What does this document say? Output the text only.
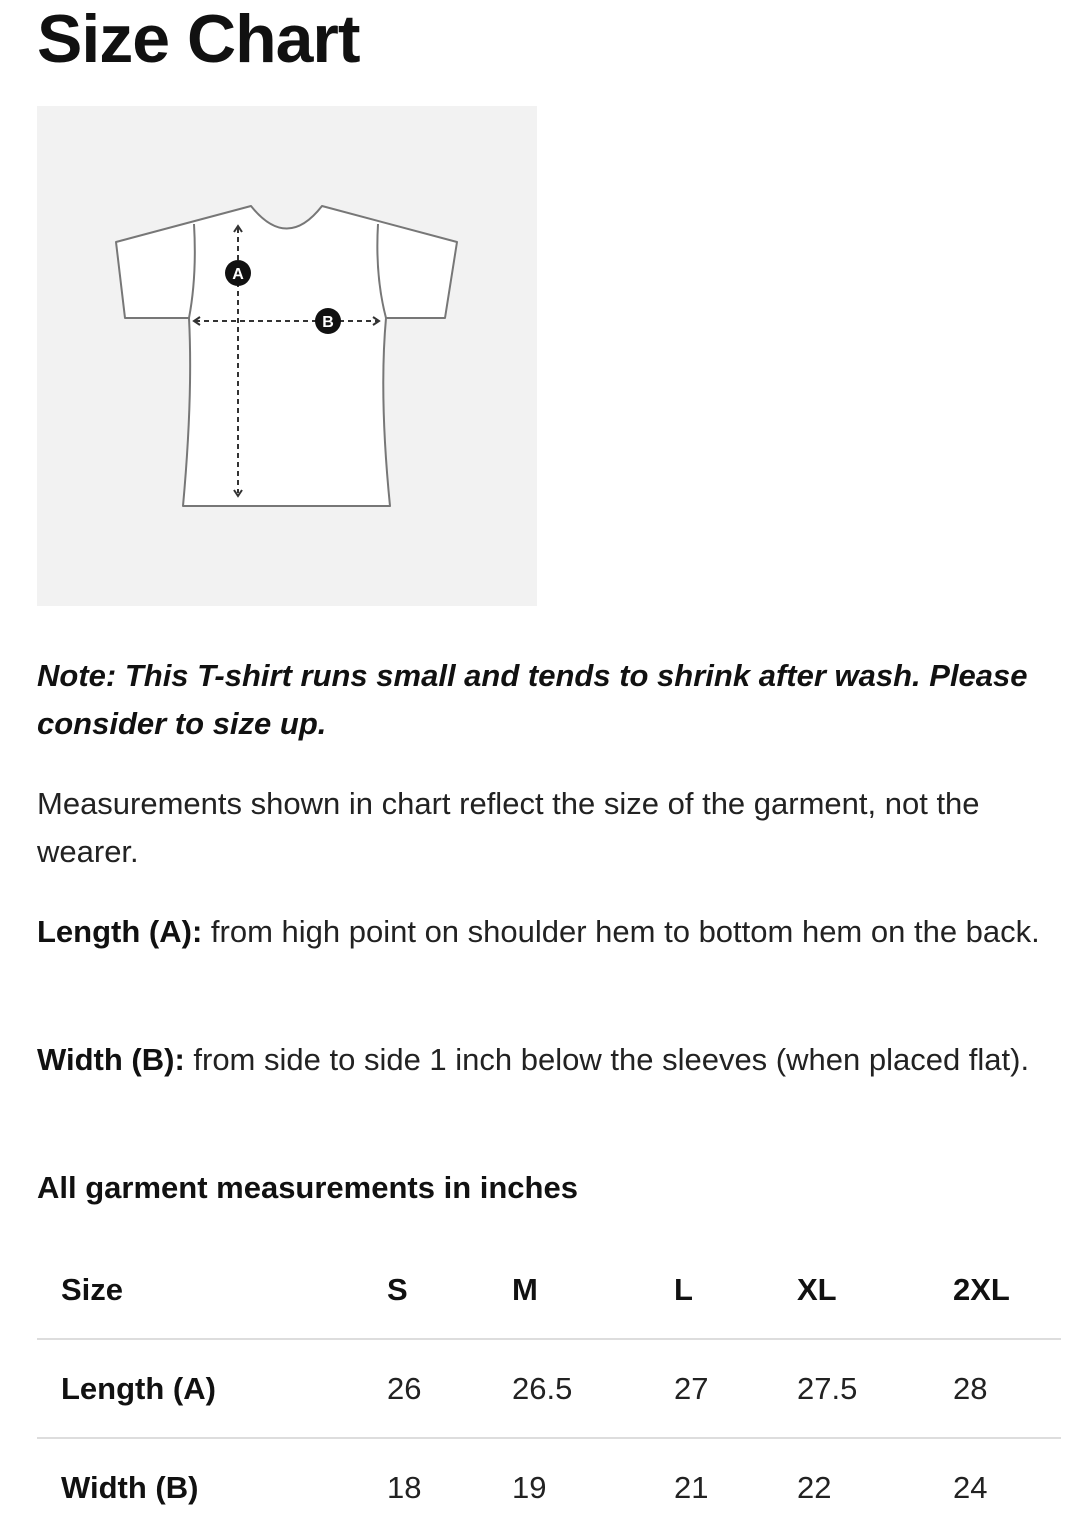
Size Chart
A
B

Note: This T-shirt runs small and tends to shrink after wash. Please consider to size up.

Measurements shown in chart reflect the size of the garment, not the wearer.

Length (A): from high point on shoulder hem to bottom hem on the back.

Width (B): from side to side 1 inch below the sleeves (when placed flat).

All garment measurements in inches

Size	S	M	L	XL	2XL
Length (A)	26	26.5	27	27.5	28
Width (B)	18	19	21	22	24
